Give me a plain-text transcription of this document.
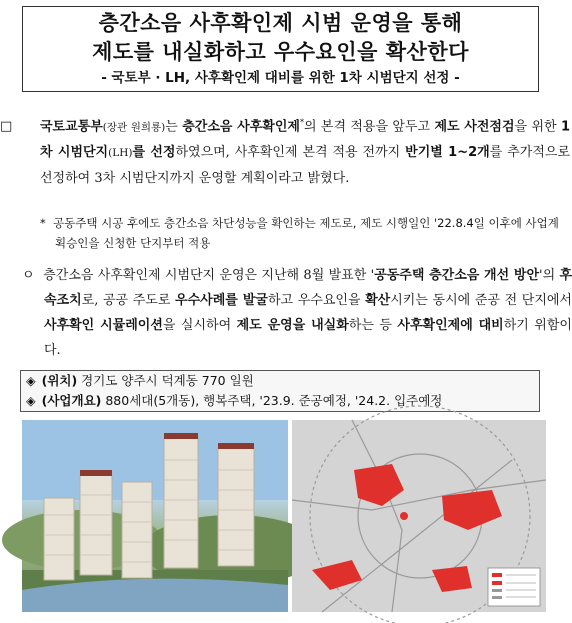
층간소음 사후확인제 시범 운영을 통해
제도를 내실화하고 우수요인을 확산한다
- 국토부 · LH, 사후확인제 대비를 위한 1차 시범단지 선정 -
□ 국토교통부(장관 원희룡)는 층간소음 사후확인제*의 본격 적용을 앞두고 제도 사전점검을 위한 1차 시범단지(LH)를 선정하였으며, 사후확인제 본격 적용 전까지 반기별 1~2개를 추가적으로 선정하여 3차 시범단지까지 운영할 계획이라고 밝혔다.
* 공동주택 시공 후에도 층간소음 차단성능을 확인하는 제도로, 제도 시행일인 '22.8.4일 이후에 사업계획승인을 신청한 단지부터 적용
ㅇ 층간소음 사후확인제 시범단지 운영은 지난해 8월 발표한 '공동주택 층간소음 개선 방안'의 후속조치로, 공공 주도로 우수사례를 발굴하고 우수요인을 확산시키는 동시에 준공 전 단지에서 사후확인 시뮬레이션을 실시하여 제도 운영을 내실화하는 등 사후확인제에 대비하기 위함이다.
◈ (위치) 경기도 양주시 덕계동 770 일원
◈ (사업개요) 880세대(5개동), 행복주택, '23.9. 준공예정, '24.2. 입주예정
